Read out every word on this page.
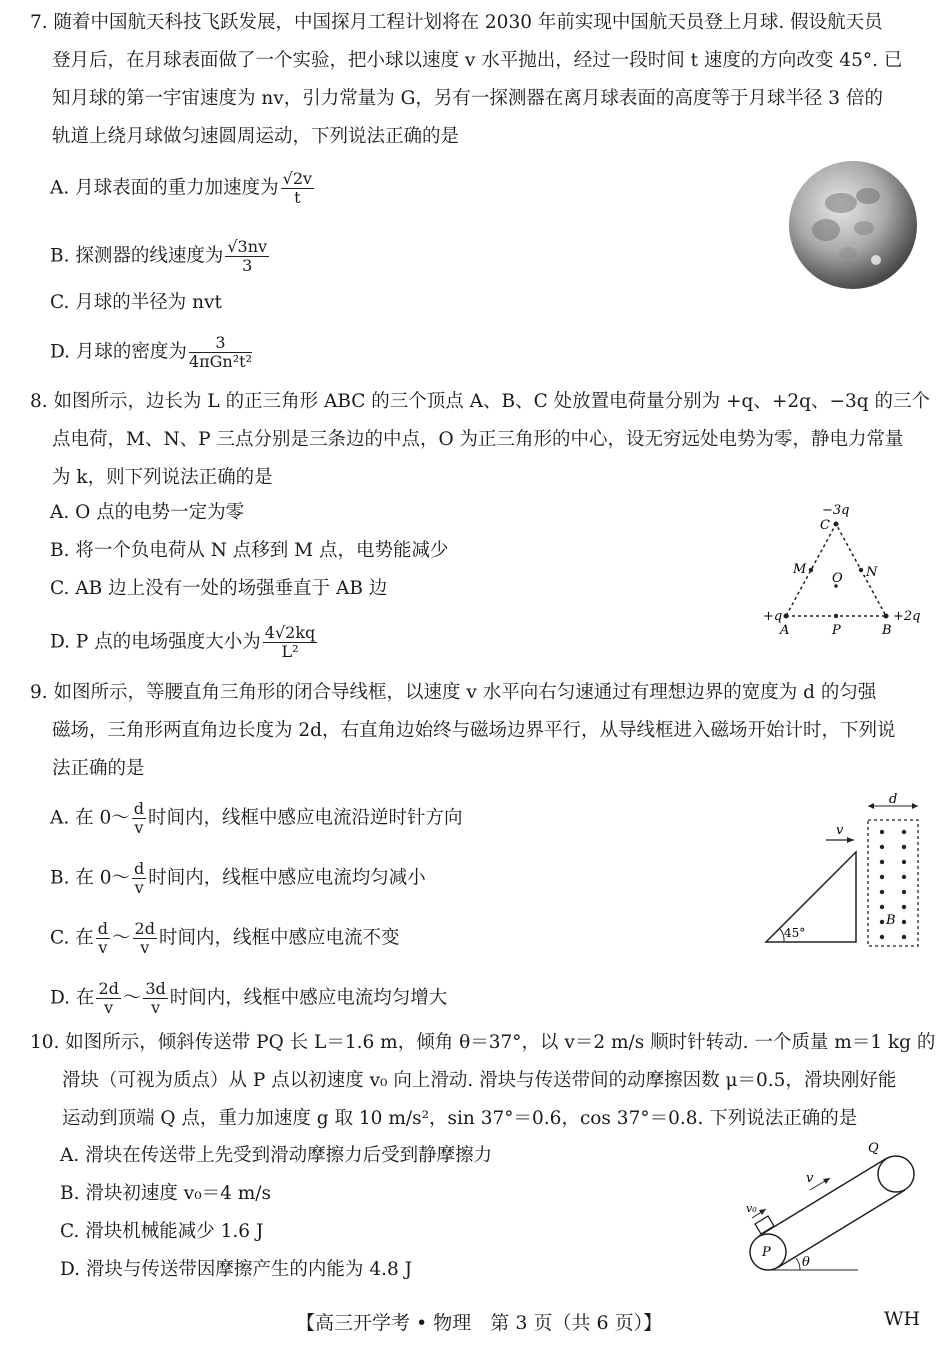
7. 随着中国航天科技飞跃发展，中国探月工程计划将在 2030 年前实现中国航天员登上月球. 假设航天员
登月后，在月球表面做了一个实验，把小球以速度 v 水平抛出，经过一段时间 t 速度的方向改变 45°. 已
知月球的第一宇宙速度为 nv，引力常量为 G，另有一探测器在离月球表面的高度等于月球半径 3 倍的
轨道上绕月球做匀速圆周运动，下列说法正确的是
A. 月球表面的重力加速度为 $\frac{√2v}{t}$
B. 探测器的线速度为 $\frac{√3nv}{3}$
C. 月球的半径为 nvt
D. 月球的密度为 $\frac{3}{\text{4πGn²t²}}$
8. 如图所示，边长为 L 的正三角形 ABC 的三个顶点 A、B、C 处放置电荷量分别为 +q、+2q、−3q 的三个
点电荷，M、N、P 三点分别是三条边的中点，O 为正三角形的中心，设无穷远处电势为零，静电力常量
为 k，则下列说法正确的是
A. O 点的电势一定为零
B. 将一个负电荷从 N 点移到 M 点，电势能减少
C. AB 边上没有一处的场强垂直于 AB 边
D. P 点的电场强度大小为 $\frac{4√2kq}{\text{L²}}$
−3q
C
M
O N
+q
A	P	B
+2q
9. 如图所示，等腰直角三角形的闭合导线框，以速度 v 水平向右匀速通过有理想边界的宽度为 d 的匀强
磁场，三角形两直角边长度为 2d，右直角边始终与磁场边界平行，从导线框进入磁场开始计时，下列说
法正确的是
A. 在 0～ $\frac{d}{v}$ 时间内，线框中感应电流沿逆时针方向
B. 在 0～ $\frac{d}{v}$ 时间内，线框中感应电流均匀减小
C. 在 $\frac{d}{v}$ ～ $\frac{2d}{v}$ 时间内，线框中感应电流不变
D. 在 $\frac{2d}{v}$ ～ $\frac{3d}{v}$ 时间内，线框中感应电流均匀增大
45°
v
d
B
10. 如图所示，倾斜传送带 PQ 长 L＝1.6 m，倾角 θ＝37°，以 v＝2 m/s 顺时针转动. 一个质量 m＝1 kg 的
滑块（可视为质点）从 P 点以初速度 v₀ 向上滑动. 滑块与传送带间的动摩擦因数 μ＝0.5，滑块刚好能
运动到顶端 Q 点，重力加速度 g 取 10 m/s²，sin 37°＝0.6，cos 37°＝0.8. 下列说法正确的是
A. 滑块在传送带上先受到滑动摩擦力后受到静摩擦力
B. 滑块初速度 v₀＝4 m/s
C. 滑块机械能减少 1.6 J
D. 滑块与传送带因摩擦产生的内能为 4.8 J	θ
v₀
v
P
Q
【高三开学考 • 物理　第 3 页（共 6 页）】	WH
